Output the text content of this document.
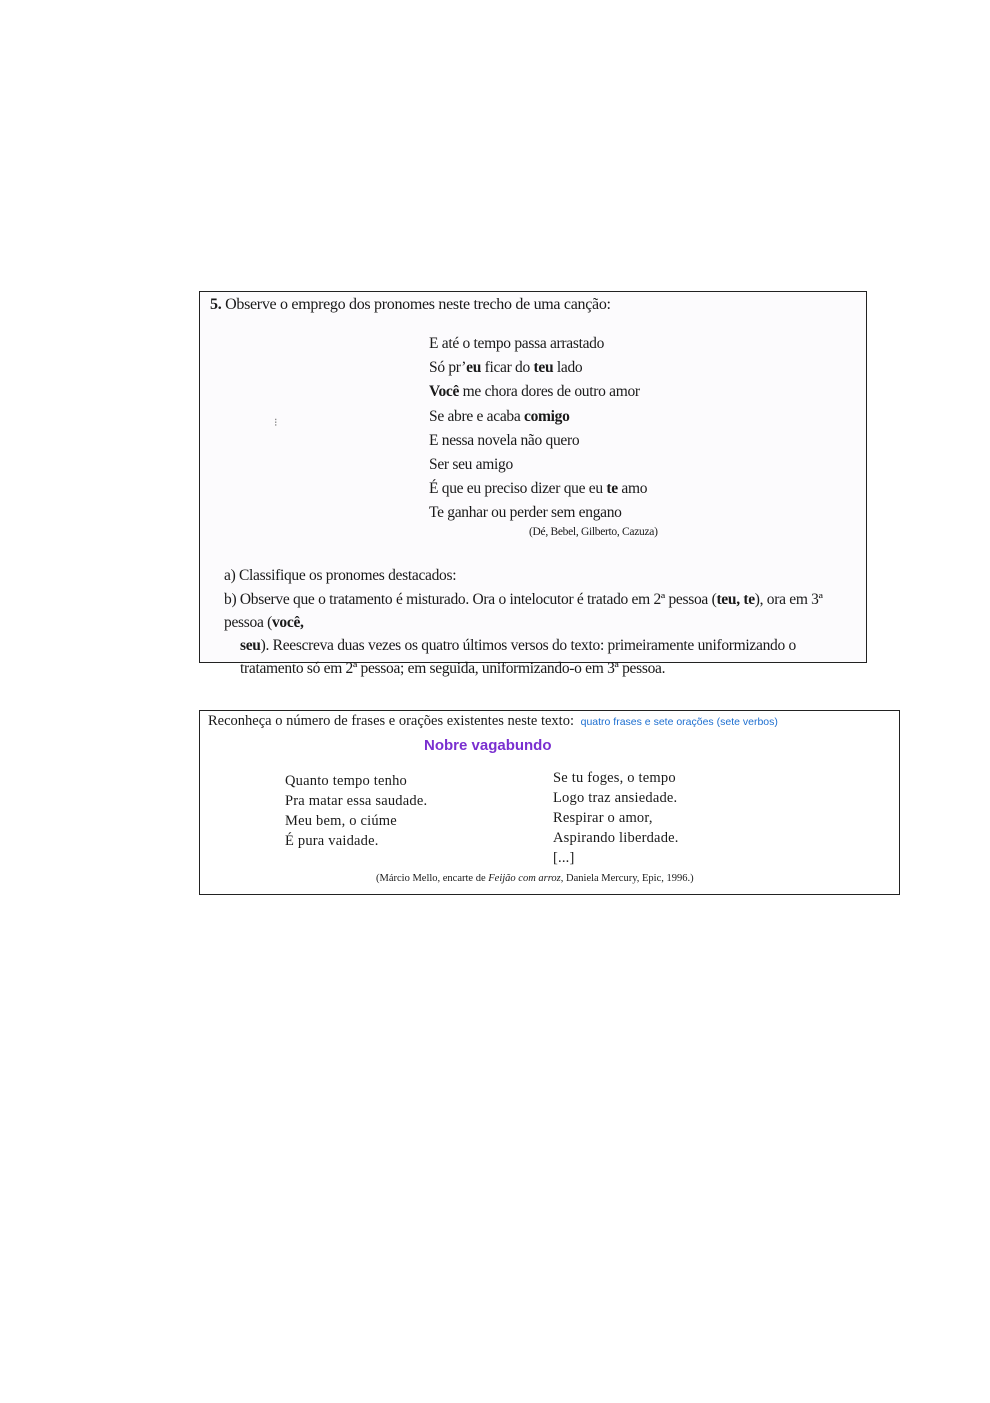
5. Observe o emprego dos pronomes neste trecho de uma canção:
⁝
E até o tempo passa arrastado
Só pr’eu ficar do teu lado
Você me chora dores de outro amor
Se abre e acaba comigo
E nessa novela não quero
Ser seu amigo
É que eu preciso dizer que eu te amo
Te ganhar ou perder sem engano
(Dé, Bebel, Gilberto, Cazuza)
a) Classifique os pronomes destacados:
b) Observe que o tratamento é misturado. Ora o intelocutor é tratado em 2ª pessoa (teu, te), ora em 3ª pessoa (você,
seu). Reescreva duas vezes os quatro últimos versos do texto: primeiramente uniformizando o tratamento só em 2ª pessoa; em seguida, uniformizando-o em 3ª pessoa.
Reconheça o número de frases e orações existentes neste texto: quatro frases e sete orações (sete verbos)
Nobre vagabundo
Quanto tempo tenho
Pra matar essa saudade.
Meu bem, o ciúme
É pura vaidade.
Se tu foges, o tempo
Logo traz ansiedade.
Respirar o amor,
Aspirando liberdade.
[...]
(Márcio Mello, encarte de Feijão com arroz, Daniela Mercury, Epic, 1996.)
